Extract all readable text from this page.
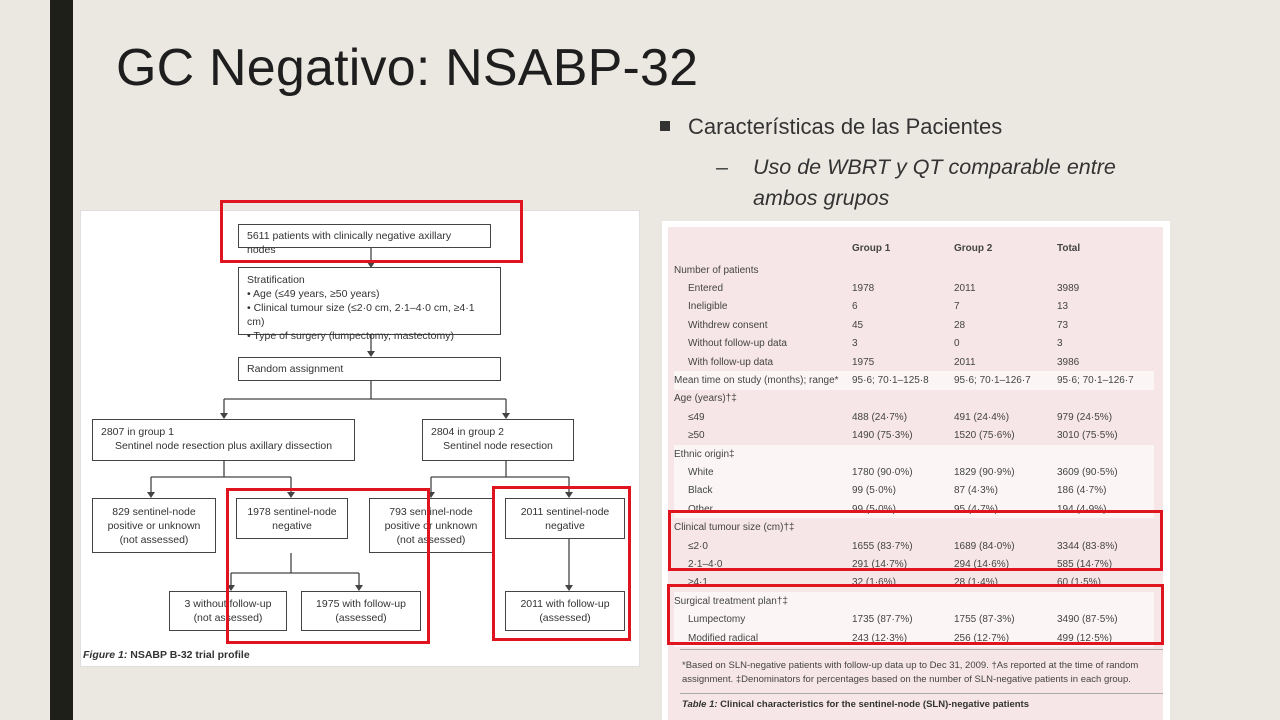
GC Negativo: NSABP-32
Características de las Pacientes
–	Uso de WBRT y QT comparable entre ambos grupos
5611 patients with clinically negative axillary nodes
Stratification
• Age (≤49 years, ≥50 years)
• Clinical tumour size (≤2·0 cm, 2·1–4·0 cm, ≥4·1 cm)
• Type of surgery (lumpectomy, mastectomy)
Random assignment
2807 in group 1
Sentinel node resection plus axillary dissection
2804 in group 2
Sentinel node resection
829 sentinel-node
positive or unknown
(not assessed)
1978 sentinel-node
negative
793 sentinel-node
positive or unknown
(not assessed)
2011 sentinel-node
negative
3 without follow-up
(not assessed)
1975 with follow-up
(assessed)
2011 with follow-up
(assessed)
Figure 1: NSABP B-32 trial profile
	Group 1	Group 2	Total
Number of patients			
Entered	1978	2011	3989
Ineligible	6	7	13
Withdrew consent	45	28	73
Without follow-up data	3	0	3
With follow-up data	1975	2011	3986
Mean time on study (months); range*	95·6; 70·1–125·8	95·6; 70·1–126·7	95·6; 70·1–126·7
Age (years)†‡			
≤49	488 (24·7%)	491 (24·4%)	979 (24·5%)
≥50	1490 (75·3%)	1520 (75·6%)	3010 (75·5%)
Ethnic origin‡			
White	1780 (90·0%)	1829 (90·9%)	3609 (90·5%)
Black	99 (5·0%)	87 (4·3%)	186 (4·7%)
Other	99 (5·0%)	95 (4·7%)	194 (4·9%)
Clinical tumour size (cm)†‡			
≤2·0	1655 (83·7%)	1689 (84·0%)	3344 (83·8%)
2·1–4·0	291 (14·7%)	294 (14·6%)	585 (14·7%)
≥4·1	32 (1·6%)	28 (1·4%)	60 (1·5%)
Surgical treatment plan†‡			
Lumpectomy	1735 (87·7%)	1755 (87·3%)	3490 (87·5%)
Modified radical	243 (12·3%)	256 (12·7%)	499 (12·5%)
*Based on SLN-negative patients with follow-up data up to Dec 31, 2009. †As reported at the time of random assignment. ‡Denominators for percentages based on the number of SLN-negative patients in each group.
Table 1: Clinical characteristics for the sentinel-node (SLN)-negative patients
